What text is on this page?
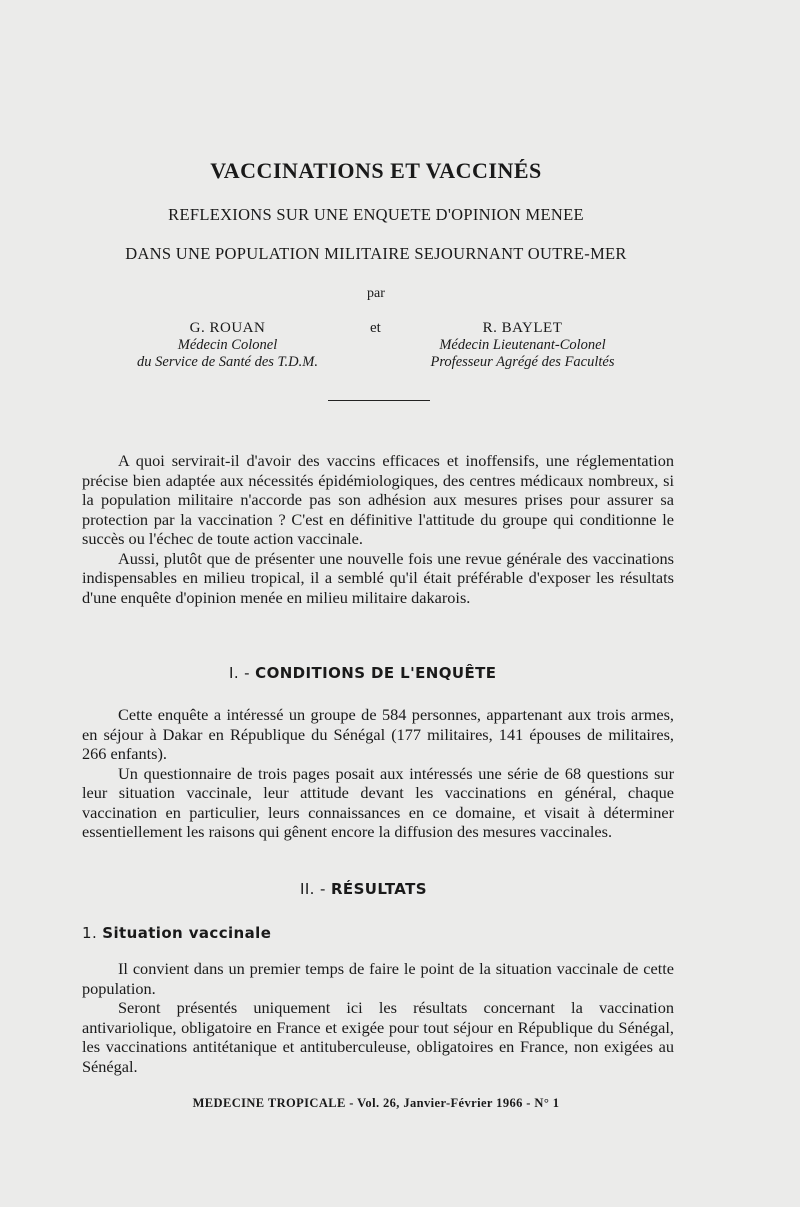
VACCINATIONS ET VACCINÉS
REFLEXIONS SUR UNE ENQUETE D'OPINION MENEE
DANS UNE POPULATION MILITAIRE SEJOURNANT OUTRE-MER
par
G. ROUAN
Médecin Colonel
du Service de Santé des T.D.M.
et	R. BAYLET
Médecin Lieutenant-Colonel
Professeur Agrégé des Facultés

A quoi servirait-il d'avoir des vaccins efficaces et inoffensifs, une réglementation précise bien adaptée aux nécessités épidémiologiques, des centres médicaux nombreux, si la population militaire n'accorde pas son adhésion aux mesures prises pour assurer sa protection par la vaccination ? C'est en définitive l'attitude du groupe qui conditionne le succès ou l'échec de toute action vaccinale.

Aussi, plutôt que de présenter une nouvelle fois une revue générale des vaccinations indispensables en milieu tropical, il a semblé qu'il était préférable d'exposer les résultats d'une enquête d'opinion menée en milieu militaire dakarois.

I. - CONDITIONS DE L'ENQUÊTE

Cette enquête a intéressé un groupe de 584 personnes, appartenant aux trois armes, en séjour à Dakar en République du Sénégal (177 militaires, 141 épouses de militaires, 266 enfants).

Un questionnaire de trois pages posait aux intéressés une série de 68 questions sur leur situation vaccinale, leur attitude devant les vaccinations en général, chaque vaccination en particulier, leurs connaissances en ce domaine, et visait à déterminer essentiellement les raisons qui gênent encore la diffusion des mesures vaccinales.

II. - RÉSULTATS
1. Situation vaccinale

Il convient dans un premier temps de faire le point de la situation vaccinale de cette population.

Seront présentés uniquement ici les résultats concernant la vaccination antivariolique, obligatoire en France et exigée pour tout séjour en République du Sénégal, les vaccinations antitétanique et antituberculeuse, obligatoires en France, non exigées au Sénégal.

MEDECINE TROPICALE - Vol. 26, Janvier-Février 1966 - N° 1
